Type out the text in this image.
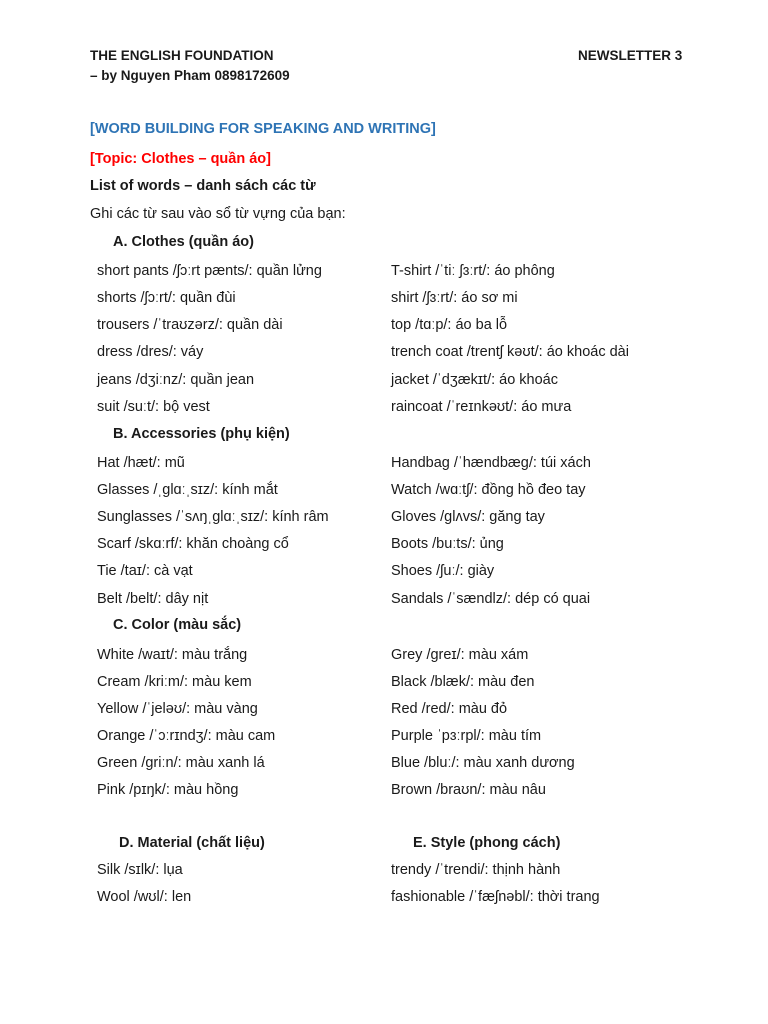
THE ENGLISH FOUNDATION
– by Nguyen Pham 0898172609
NEWSLETTER 3
[WORD BUILDING FOR SPEAKING AND WRITING]
[Topic: Clothes – quần áo]
List of words – danh sách các từ
Ghi các từ sau vào sổ từ vựng của bạn:
A. Clothes (quần áo)
short pants /ʃɔːrt pænts/: quần lửng
shorts /ʃɔːrt/: quần đùi
trousers /ˈtraʊzərz/: quần dài
dress /dres/: váy
jeans /dʒiːnz/: quần jean
suit /suːt/: bộ vest
T-shirt /ˈtiː ʃɜːrt/: áo phông
shirt /ʃɜːrt/: áo sơ mi
top /tɑːp/: áo ba lỗ
trench coat /trentʃ kəʊt/: áo khoác dài
jacket /ˈdʒækɪt/: áo khoác
raincoat /ˈreɪnkəʊt/: áo mưa
B. Accessories (phụ kiện)
Hat /hæt/: mũ
Glasses /ˌɡlɑːˌsɪz/: kính mắt
Sunglasses /ˈsʌŋˌɡlɑːˌsɪz/: kính râm
Scarf /skɑːrf/: khăn choàng cổ
Tie /taɪ/: cà vạt
Belt /belt/: dây nịt
Handbag /ˈhændbæɡ/: túi xách
Watch /wɑːtʃ/: đồng hồ đeo tay
Gloves /ɡlʌvs/: găng tay
Boots /buːts/: ủng
Shoes /ʃuː/: giày
Sandals /ˈsændlz/: dép có quai
C. Color (màu sắc)
White /waɪt/: màu trắng
Cream /kriːm/: màu kem
Yellow /ˈjeləʊ/: màu vàng
Orange /ˈɔːrɪndʒ/: màu cam
Green /ɡriːn/: màu xanh lá
Pink /pɪŋk/: màu hồng
Grey /ɡreɪ/: màu xám
Black /blæk/: màu đen
Red /red/: màu đỏ
Purple ˈpɜːrpl/: màu tím
Blue /bluː/: màu xanh dương
Brown /braʊn/: màu nâu
D. Material (chất liệu)	E. Style (phong cách)
Silk /sɪlk/: lụa
Wool /wʊl/: len
trendy /ˈtrendi/: thịnh hành
fashionable /ˈfæʃnəbl/: thời trang
